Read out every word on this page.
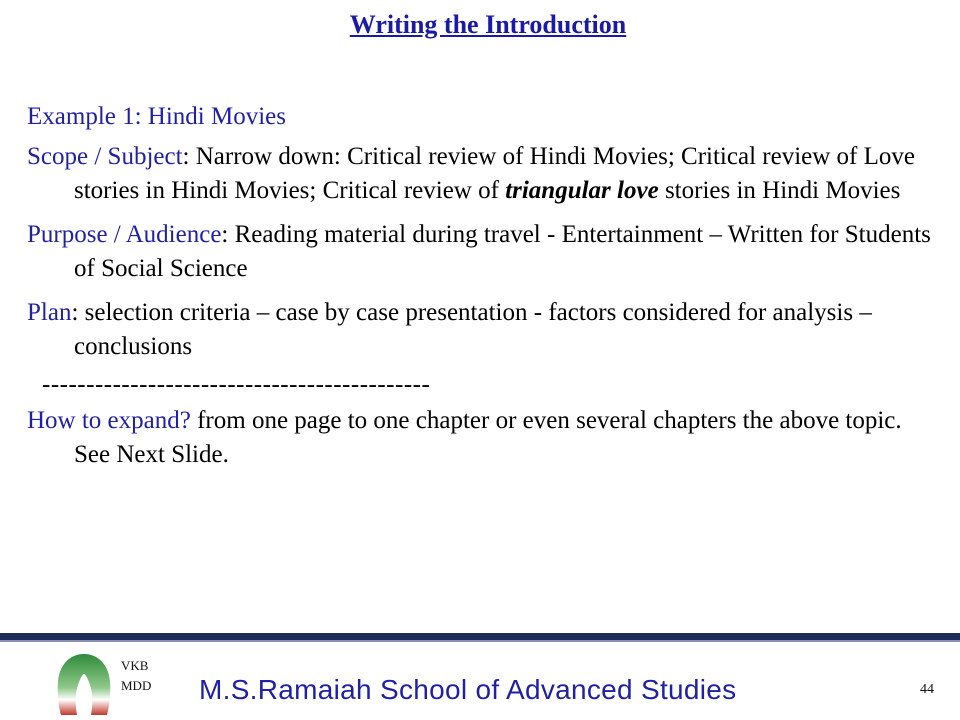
Writing the Introduction

Example 1: Hindi Movies

Scope / Subject: Narrow down: Critical review of Hindi Movies; Critical review of Love stories in Hindi Movies; Critical review of triangular love stories in Hindi Movies

Purpose / Audience: Reading material during travel - Entertainment – Written for Students of Social Science

Plan: selection criteria – case by case presentation - factors considered for analysis – conclusions

--------------------------------------------

How to expand? from one page to one chapter or even several chapters the above topic. See Next Slide.

VKB
MDD M.S.Ramaiah School of Advanced Studies	44
